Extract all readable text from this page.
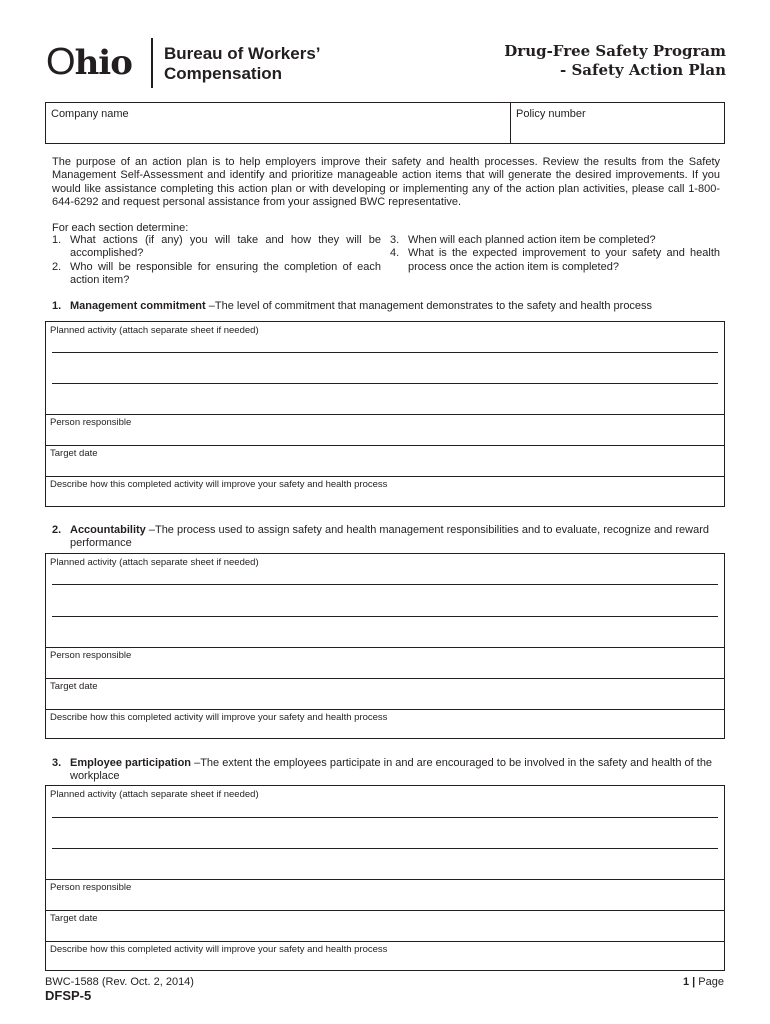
Ohio Bureau of Workers’
Compensation
Drug-Free Safety Program
- Safety Action Plan
Company name	Policy number
The purpose of an action plan is to help employers improve their safety and health processes. Review the results from the Safety Management Self-Assessment and identify and prioritize manageable action items that will generate the desired improvements. If you would like assistance completing this action plan or with developing or implementing any of the action plan activities, please call 1-800-644-6292 and request personal assistance from your assigned BWC representative.
For each section determine:
1. What actions (if any) you will take and how they will be accomplished?
2. Who will be responsible for ensuring the completion of each action item?
3. When will each planned action item be completed?
4. What is the expected improvement to your safety and health process once the action item is completed?
1. Management commitment –The level of commitment that management demonstrates to the safety and health process
Planned activity (attach separate sheet if needed)
Person responsible
Target date
Describe how this completed activity will improve your safety and health process
2. Accountability –The process used to assign safety and health management responsibilities and to evaluate, recognize and reward performance
Planned activity (attach separate sheet if needed)
Person responsible
Target date
Describe how this completed activity will improve your safety and health process
3. Employee participation –The extent the employees participate in and are encouraged to be involved in the safety and health of the workplace
Planned activity (attach separate sheet if needed)
Person responsible
Target date
Describe how this completed activity will improve your safety and health process
BWC-1588 (Rev. Oct. 2, 2014)
DFSP-5
1 | Page
